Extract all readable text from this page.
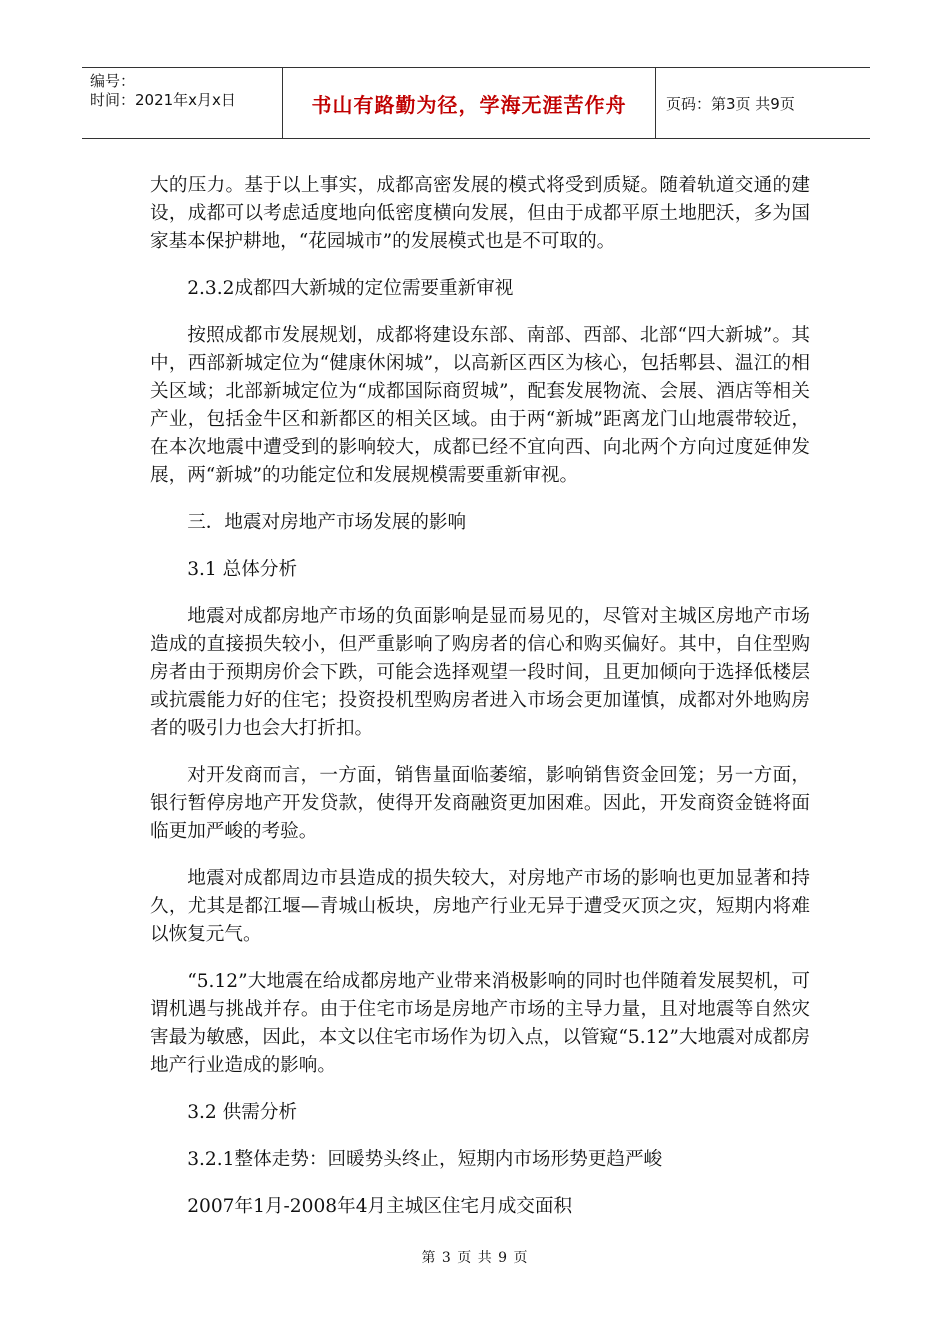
编号：
时间：2021年x月x日	书山有路勤为径，学海无涯苦作舟	页码：第3页 共9页

大的压力。基于以上事实，成都高密发展的模式将受到质疑。随着轨道交通的建设，成都可以考虑适度地向低密度横向发展，但由于成都平原土地肥沃，多为国家基本保护耕地，“花园城市”的发展模式也是不可取的。

2.3.2成都四大新城的定位需要重新审视

按照成都市发展规划，成都将建设东部、南部、西部、北部“四大新城”。其中，西部新城定位为“健康休闲城”，以高新区西区为核心，包括郫县、温江的相关区域；北部新城定位为“成都国际商贸城”，配套发展物流、会展、酒店等相关产业，包括金牛区和新都区的相关区域。由于两“新城”距离龙门山地震带较近，在本次地震中遭受到的影响较大，成都已经不宜向西、向北两个方向过度延伸发展，两“新城”的功能定位和发展规模需要重新审视。

三．地震对房地产市场发展的影响

3.1 总体分析

地震对成都房地产市场的负面影响是显而易见的，尽管对主城区房地产市场造成的直接损失较小，但严重影响了购房者的信心和购买偏好。其中，自住型购房者由于预期房价会下跌，可能会选择观望一段时间，且更加倾向于选择低楼层或抗震能力好的住宅；投资投机型购房者进入市场会更加谨慎，成都对外地购房者的吸引力也会大打折扣。

对开发商而言，一方面，销售量面临萎缩，影响销售资金回笼；另一方面，银行暂停房地产开发贷款，使得开发商融资更加困难。因此，开发商资金链将面临更加严峻的考验。

地震对成都周边市县造成的损失较大，对房地产市场的影响也更加显著和持久，尤其是都江堰—青城山板块，房地产行业无异于遭受灭顶之灾，短期内将难以恢复元气。

“5.12”大地震在给成都房地产业带来消极影响的同时也伴随着发展契机，可谓机遇与挑战并存。由于住宅市场是房地产市场的主导力量，且对地震等自然灾害最为敏感，因此，本文以住宅市场作为切入点，以管窥“5.12”大地震对成都房地产行业造成的影响。

3.2 供需分析

3.2.1整体走势：回暖势头终止，短期内市场形势更趋严峻

2007年1月-2008年4月主城区住宅月成交面积

第 3 页 共 9 页
